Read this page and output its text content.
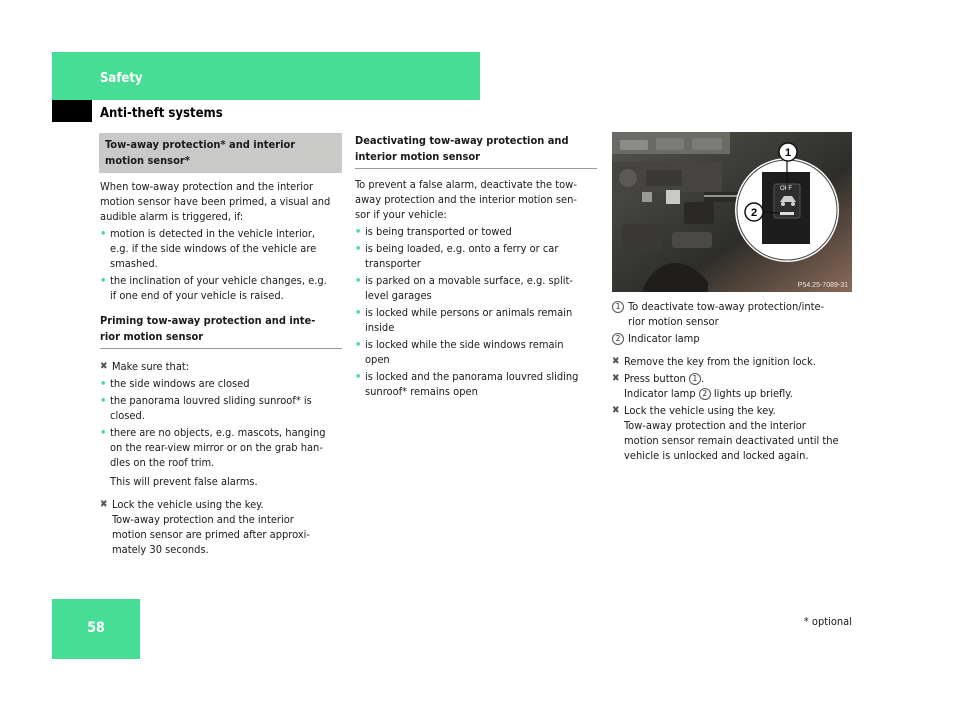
Safety
Anti-theft systems
Tow-away protection* and interior
motion sensor*

When tow-away protection and the interior

motion sensor have been primed, a visual and

audible alarm is triggered, if:

• motion is detected in the vehicle interior,

e.g. if the side windows of the vehicle are

smashed.

• the inclination of your vehicle changes, e.g.

if one end of your vehicle is raised.

Priming tow-away protection and inte-

rior motion sensor

✖ Make sure that:

• the side windows are closed

• the panorama louvred sliding sunroof* is

closed.

• there are no objects, e.g. mascots, hanging

on the rear-view mirror or on the grab han-

dles on the roof trim.

This will prevent false alarms.

✖ Lock the vehicle using the key.

Tow-away protection and the interior

motion sensor are primed after approxi-

mately 30 seconds.

Deactivating tow-away protection and

interior motion sensor

To prevent a false alarm, deactivate the tow-

away protection and the interior motion sen-

sor if your vehicle:

• is being transported or towed

• is being loaded, e.g. onto a ferry or car

transporter

• is parked on a movable surface, e.g. split-

level garages

• is locked while persons or animals remain

inside

• is locked while the side windows remain

open

• is locked and the panorama louvred sliding

sunroof* remains open

OFF
1
2
P54.25-7089-31
1 To deactivate tow-away protection/inte-

rior motion sensor

2 Indicator lamp

✖ Remove the key from the ignition lock.

✖ Press button 1 .

Indicator lamp 2 lights up briefly.

✖ Lock the vehicle using the key.

Tow-away protection and the interior

motion sensor remain deactivated until the

vehicle is unlocked and locked again.

58	* optional
